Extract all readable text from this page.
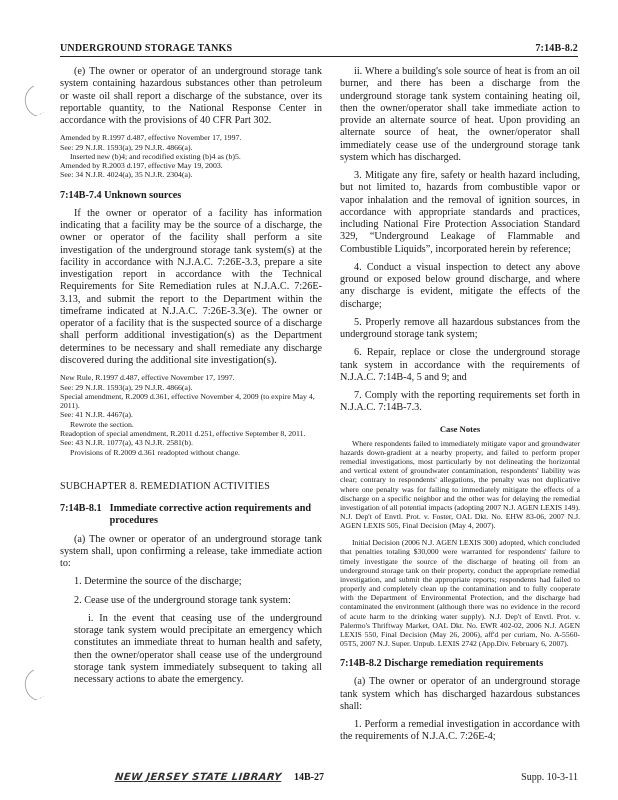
UNDERGROUND STORAGE TANKS	7:14B-8.2

(e) The owner or operator of an underground storage tank system containing hazardous substances other than petroleum or waste oil shall report a discharge of the substance, over its reportable quantity, to the National Response Center in accordance with the provisions of 40 CFR Part 302.

Amended by R.1997 d.487, effective November 17, 1997.
See: 29 N.J.R. 1593(a), 29 N.J.R. 4866(a).
Inserted new (b)4; and recodified existing (b)4 as (b)5.
Amended by R.2003 d.197, effective May 19, 2003.
See: 34 N.J.R. 4024(a), 35 N.J.R. 2304(a).
7:14B-7.4 Unknown sources

If the owner or operator of a facility has information indicating that a facility may be the source of a discharge, the owner or operator of the facility shall perform a site investigation of the underground storage tank system(s) at the facility in accordance with N.J.A.C. 7:26E-3.3, prepare a site investigation report in accordance with the Technical Requirements for Site Remediation rules at N.J.A.C. 7:26E-3.13, and submit the report to the Department within the timeframe indicated at N.J.A.C. 7:26E-3.3(e). The owner or operator of a facility that is the suspected source of a discharge shall perform additional investigation(s) as the Department determines to be necessary and shall remediate any discharge discovered during the additional site investigation(s).

New Rule, R.1997 d.487, effective November 17, 1997.
See: 29 N.J.R. 1593(a), 29 N.J.R. 4866(a).
Special amendment, R.2009 d.361, effective November 4, 2009 (to expire May 4, 2011).
See: 41 N.J.R. 4467(a).
Rewrote the section.
Readoption of special amendment, R.2011 d.251, effective September 8, 2011.
See: 43 N.J.R. 1077(a), 43 N.J.R. 2581(b).
Provisions of R.2009 d.361 readopted without change.
SUBCHAPTER 8. REMEDIATION ACTIVITIES
7:14B-8.1 Immediate corrective action requirements and procedures

(a) The owner or operator of an underground storage tank system shall, upon confirming a release, take immediate action to:

1. Determine the source of the discharge;

2. Cease use of the underground storage tank system:

i. In the event that ceasing use of the underground storage tank system would precipitate an emergency which constitutes an immediate threat to human health and safety, then the owner/operator shall cease use of the underground storage tank system immediately subsequent to taking all necessary actions to abate the emergency.

ii. Where a building's sole source of heat is from an oil burner, and there has been a discharge from the underground storage tank system containing heating oil, then the owner/operator shall take immediate action to provide an alternate source of heat. Upon providing an alternate source of heat, the owner/operator shall immediately cease use of the underground storage tank system which has discharged.

3. Mitigate any fire, safety or health hazard including, but not limited to, hazards from combustible vapor or vapor inhalation and the removal of ignition sources, in accordance with appropriate standards and practices, including National Fire Protection Association Standard 329, “Underground Leakage of Flammable and Combustible Liquids”, incorporated herein by reference;

4. Conduct a visual inspection to detect any above ground or exposed below ground discharge, and where any discharge is evident, mitigate the effects of the discharge;

5. Properly remove all hazardous substances from the underground storage tank system;

6. Repair, replace or close the underground storage tank system in accordance with the requirements of N.J.A.C. 7:14B-4, 5 and 9; and

7. Comply with the reporting requirements set forth in N.J.A.C. 7:14B-7.3.

Case Notes

Where respondents failed to immediately mitigate vapor and groundwater hazards down-gradient at a nearby property, and failed to perform proper remedial investigations, most particularly by not delineating the horizontal and vertical extent of groundwater contamination, respondents' liability was clear; contrary to respondents' allegations, the penalty was not duplicative where one penalty was for failing to immediately mitigate the effects of a discharge on a specific neighbor and the other was for delaying the remedial investigation of all potential impacts (adopting 2007 N.J. AGEN LEXIS 149). N.J. Dep't of Envtl. Prot. v. Foster, OAL Dkt. No. EHW 83-06, 2007 N.J. AGEN LEXIS 505, Final Decision (May 4, 2007).

Initial Decision (2006 N.J. AGEN LEXIS 300) adopted, which concluded that penalties totaling $30,000 were warranted for respondents' failure to timely investigate the source of the discharge of heating oil from an underground storage tank on their property, conduct the appropriate remedial investigation, and submit the appropriate reports; respondents had failed to properly and completely clean up the contamination and to fully cooperate with the Department of Environmental Protection, and the discharge had contaminated the environment (although there was no evidence in the record of acute harm to the drinking water supply). N.J. Dep't of Envtl. Prot. v. Palermo's Thriftway Market, OAL Dkt. No. EWR 402-02, 2006 N.J. AGEN LEXIS 550, Final Decision (May 26, 2006), aff'd per curiam, No. A-5560-05T5, 2007 N.J. Super. Unpub. LEXIS 2742 (App.Div. February 6, 2007).

7:14B-8.2 Discharge remediation requirements

(a) The owner or operator of an underground storage tank system which has discharged hazardous substances shall:

1. Perform a remedial investigation in accordance with the requirements of N.J.A.C. 7:26E-4;

NEW JERSEY STATE LIBRARY	14B-27	Supp. 10-3-11
